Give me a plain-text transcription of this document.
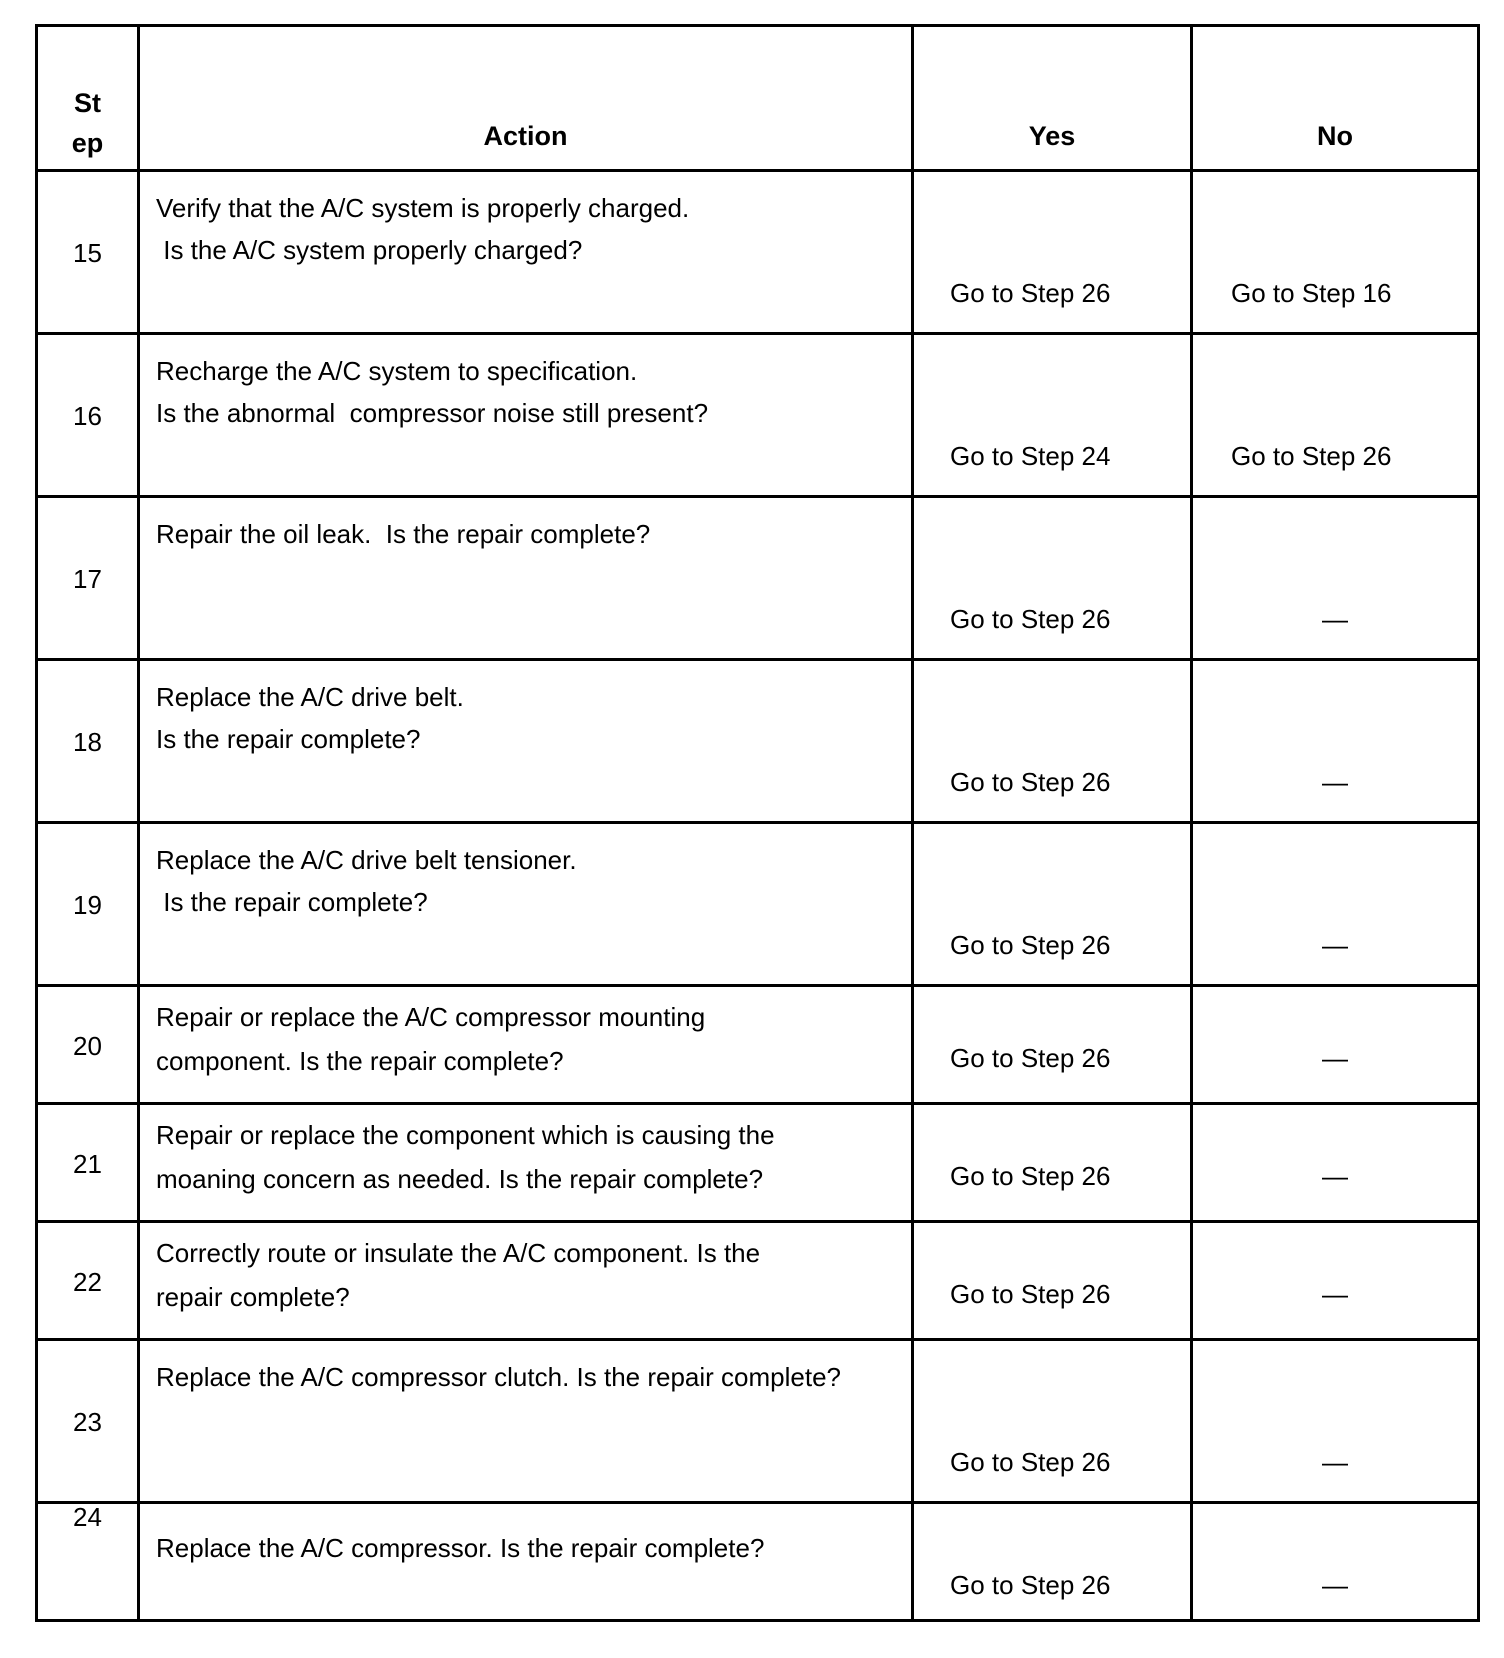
St
ep	Action	Yes	No

15	Verify that the A/C system is properly charged.
Is the A/C system properly charged?	Go to Step 26	Go to Step 16

16	Recharge the A/C system to specification.
Is the abnormal  compressor noise still present?	Go to Step 24	Go to Step 26

17	Repair the oil leak.  Is the repair complete?	Go to Step 26	—

18	Replace the A/C drive belt.
Is the repair complete?	Go to Step 26	—

19	Replace the A/C drive belt tensioner.
Is the repair complete?	Go to Step 26	—

20	Repair or replace the A/C compressor mounting
component. Is the repair complete?	Go to Step 26	—

21	Repair or replace the component which is causing the
moaning concern as needed. Is the repair complete?	Go to Step 26	—

22	Correctly route or insulate the A/C component. Is the
repair complete?	Go to Step 26	—

23	Replace the A/C compressor clutch. Is the repair complete?	Go to Step 26	—

24	Replace the A/C compressor. Is the repair complete?	Go to Step 26	—
